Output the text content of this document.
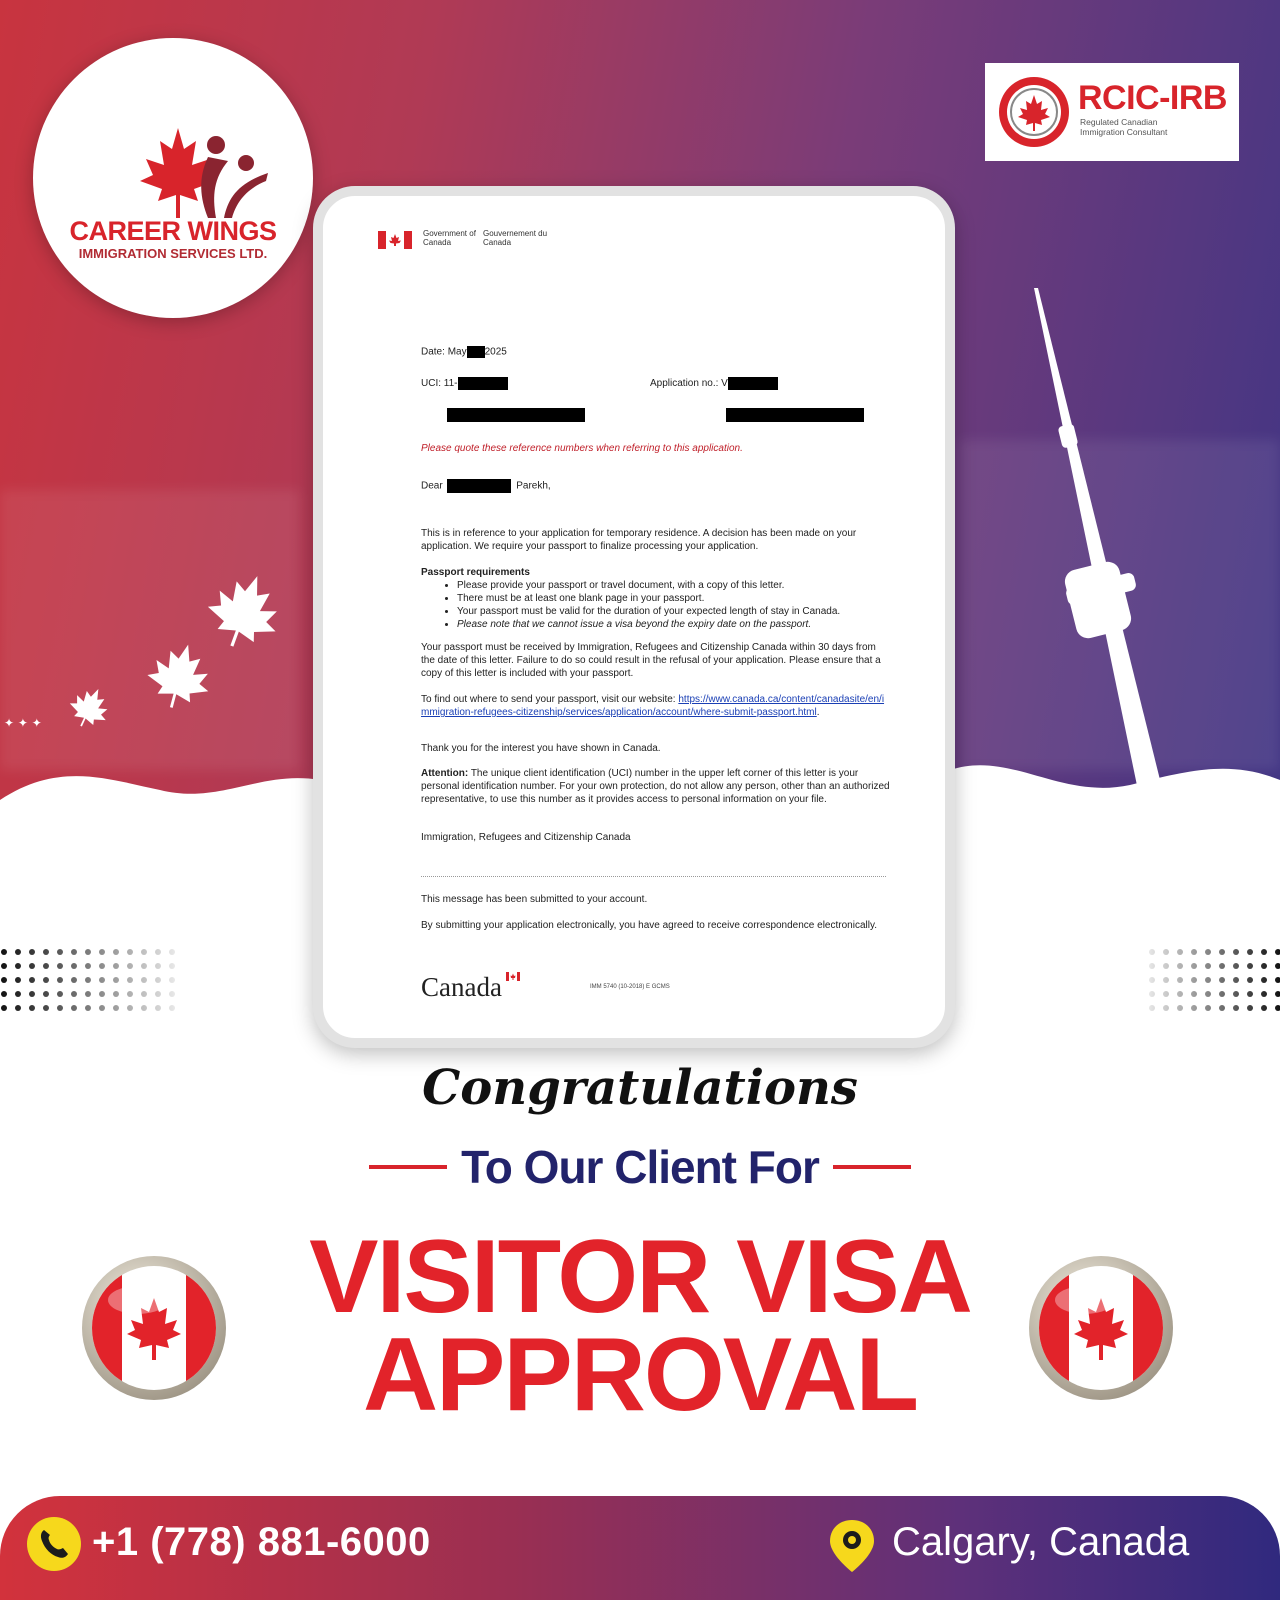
✦ ✦ ✦
CAREER WINGS
IMMIGRATION SERVICES LTD.
RCIC-IRB
Regulated Canadian Immigration Consultant
Government of Canada
Gouvernement du Canada
Date: May 2025
UCI: 11-	Application no.: V
Please quote these reference numbers when referring to this application.
Dear	Parekh,
This is in reference to your application for temporary residence. A decision has been made on your application. We require your passport to finalize processing your application.
Passport requirements
• Please provide your passport or travel document, with a copy of this letter.
• There must be at least one blank page in your passport.
• Your passport must be valid for the duration of your expected length of stay in Canada.
• Please note that we cannot issue a visa beyond the expiry date on the passport.
Your passport must be received by Immigration, Refugees and Citizenship Canada within 30 days from the date of this letter. Failure to do so could result in the refusal of your application. Please ensure that a copy of this letter is included with your passport.
To find out where to send your passport, visit our website: https://www.canada.ca/content/canadasite/en/immigration-refugees-citizenship/services/application/account/where-submit-passport.html.
Thank you for the interest you have shown in Canada.
Attention: The unique client identification (UCI) number in the upper left corner of this letter is your personal identification number. For your own protection, do not allow any person, other than an authorized representative, to use this number as it provides access to personal information on your file.
Immigration, Refugees and Citizenship Canada
This message has been submitted to your account.
By submitting your application electronically, you have agreed to receive correspondence electronically.
Canada	IMM 5740 (10-2018) E GCMS
Congratulations
To Our Client For
VISITOR VISA
APPROVAL
+1 (778) 881-6000	Calgary, Canada
